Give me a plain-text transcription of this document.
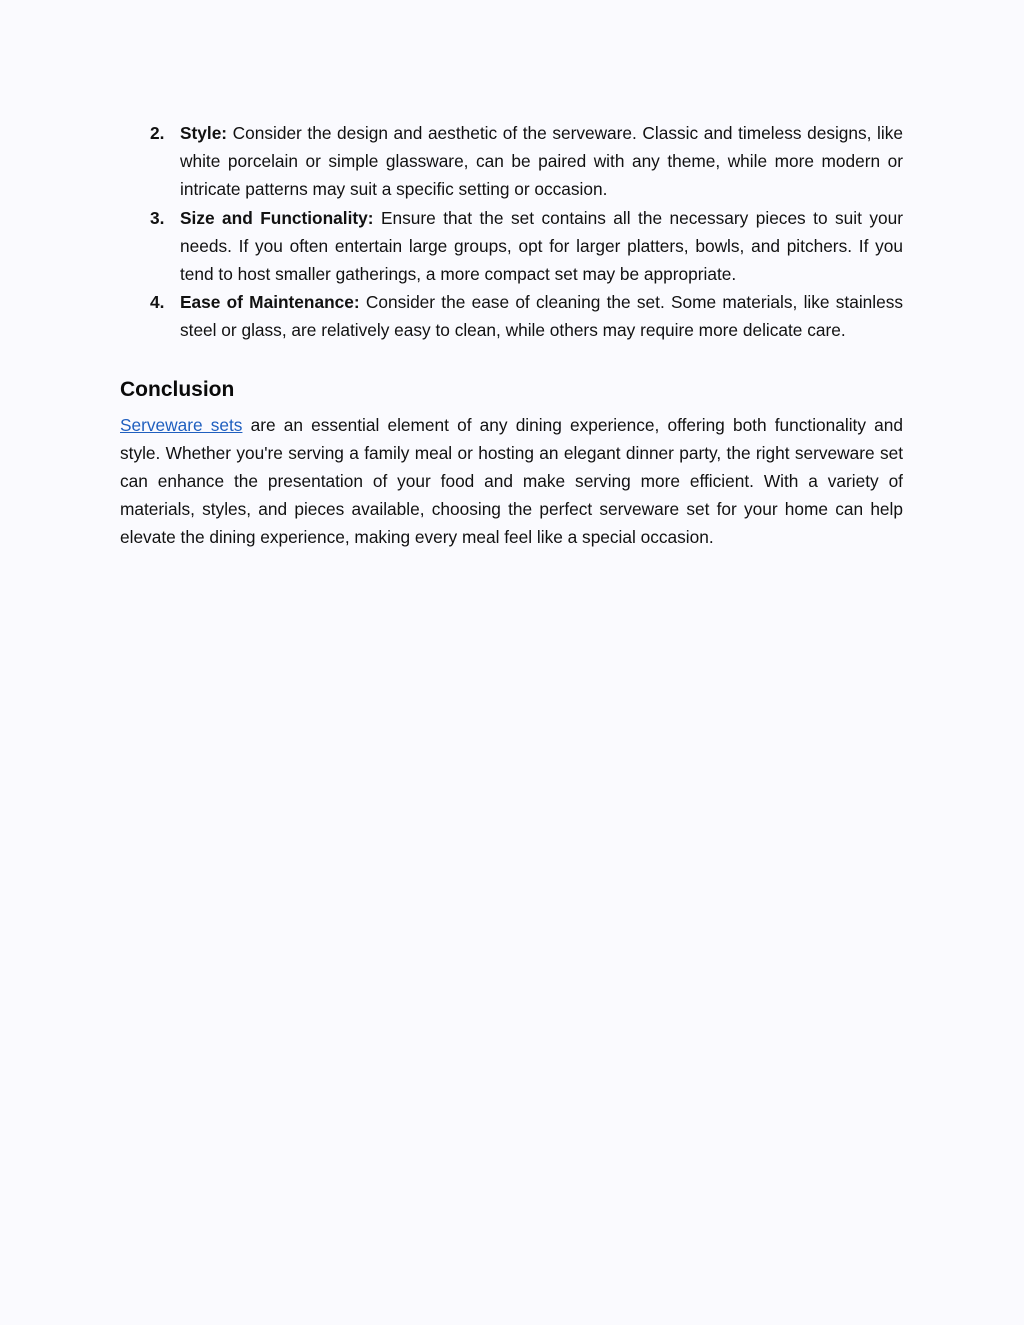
2. Style: Consider the design and aesthetic of the serveware. Classic and timeless designs, like white porcelain or simple glassware, can be paired with any theme, while more modern or intricate patterns may suit a specific setting or occasion.
3. Size and Functionality: Ensure that the set contains all the necessary pieces to suit your needs. If you often entertain large groups, opt for larger platters, bowls, and pitchers. If you tend to host smaller gatherings, a more compact set may be appropriate.
4. Ease of Maintenance: Consider the ease of cleaning the set. Some materials, like stainless steel or glass, are relatively easy to clean, while others may require more delicate care.
Conclusion

Serveware sets are an essential element of any dining experience, offering both functionality and style. Whether you're serving a family meal or hosting an elegant dinner party, the right serveware set can enhance the presentation of your food and make serving more efficient. With a variety of materials, styles, and pieces available, choosing the perfect serveware set for your home can help elevate the dining experience, making every meal feel like a special occasion.
